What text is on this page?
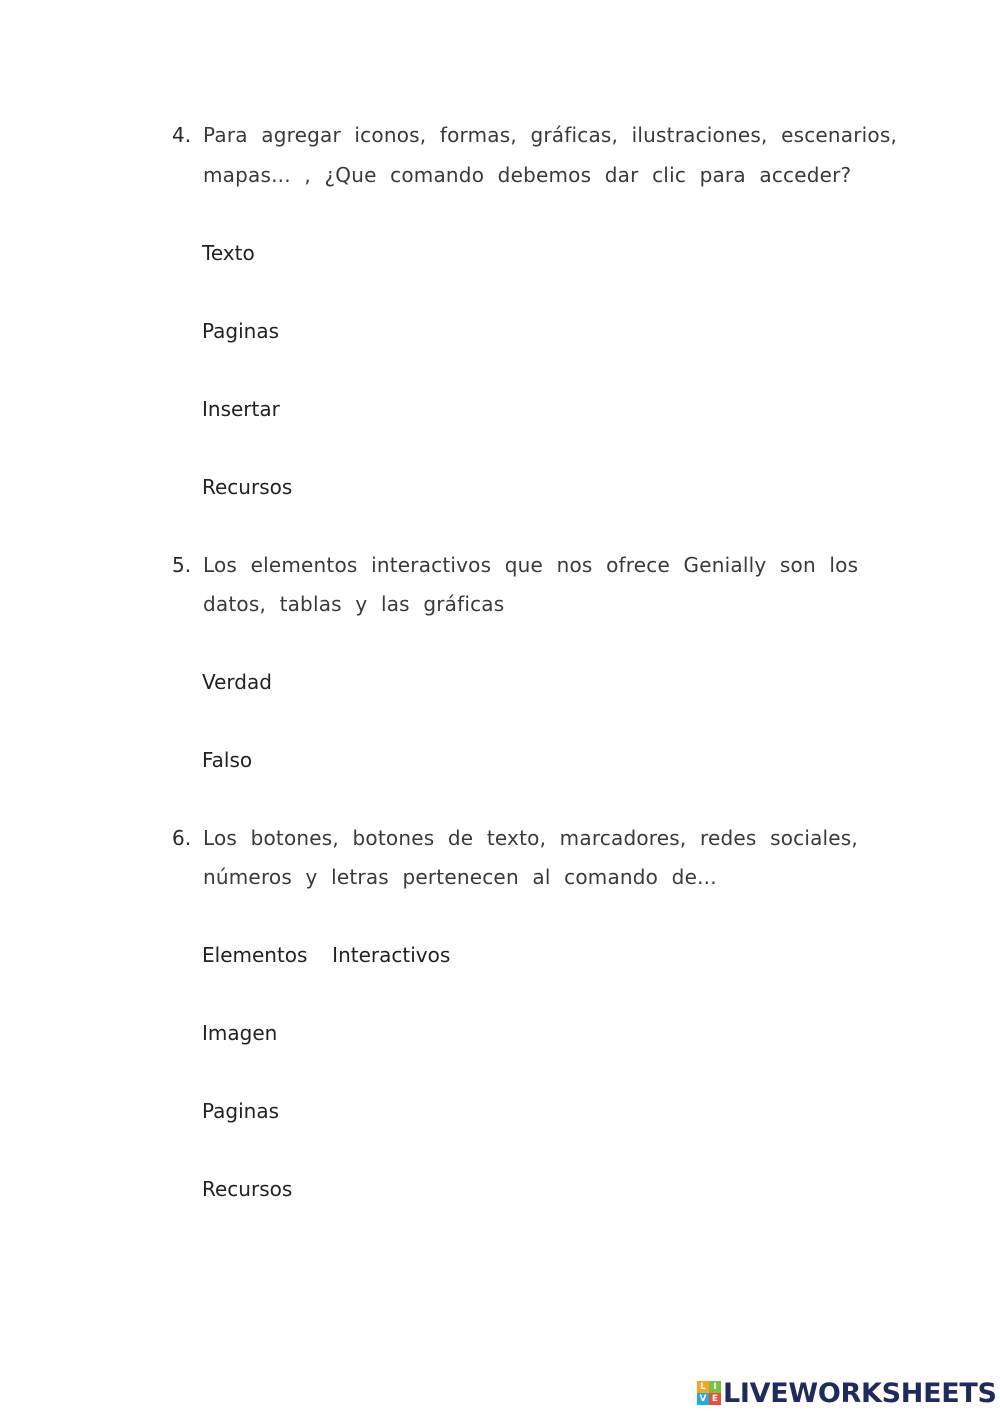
4. Para agregar iconos, formas, gráficas, ilustraciones, escenarios,
mapas... , ¿Que comando debemos dar clic para acceder?
Texto
Paginas
Insertar
Recursos
5. Los elementos interactivos que nos ofrece Genially son los
datos, tablas y las gráficas
Verdad
Falso
6. Los botones, botones de texto, marcadores, redes sociales,
números y letras pertenecen al comando de...
Elementos  Interactivos
Imagen
Paginas
Recursos
L I
V E LIVEWORKSHEETS
